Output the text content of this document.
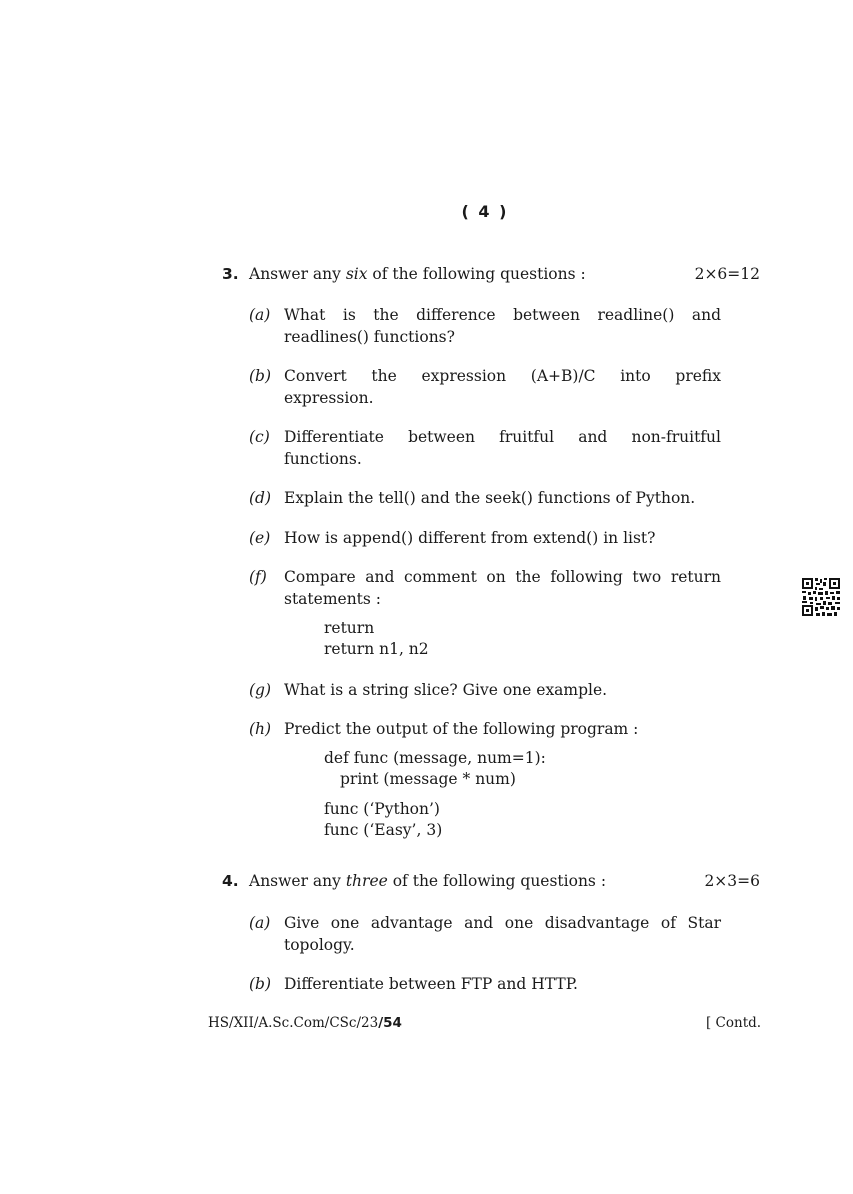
( 4 )
3. Answer any six of the following questions :	2×6=12
(a) What is the difference between readline() and
readlines() functions?
(b) Convert the expression (A+B)/C into prefix
expression.
(c) Differentiate between fruitful and non-fruitful
functions.
(d) Explain the tell() and the seek() functions of Python.
(e) How is append() different from extend() in list?
(f)	Compare and comment on the following two return
statements :
return
return n1, n2
(g) What is a string slice? Give one example.
(h) Predict the output of the following program :
def func (message, num=1):
print (message * num)
func (‘Python’)
func (‘Easy’, 3)
4. Answer any three of the following questions :	2×3=6
(a) Give one advantage and one disadvantage of Star
topology.
(b) Differentiate between FTP and HTTP.
HS/XII/A.Sc.Com/CSc/23/54	[ Contd.
